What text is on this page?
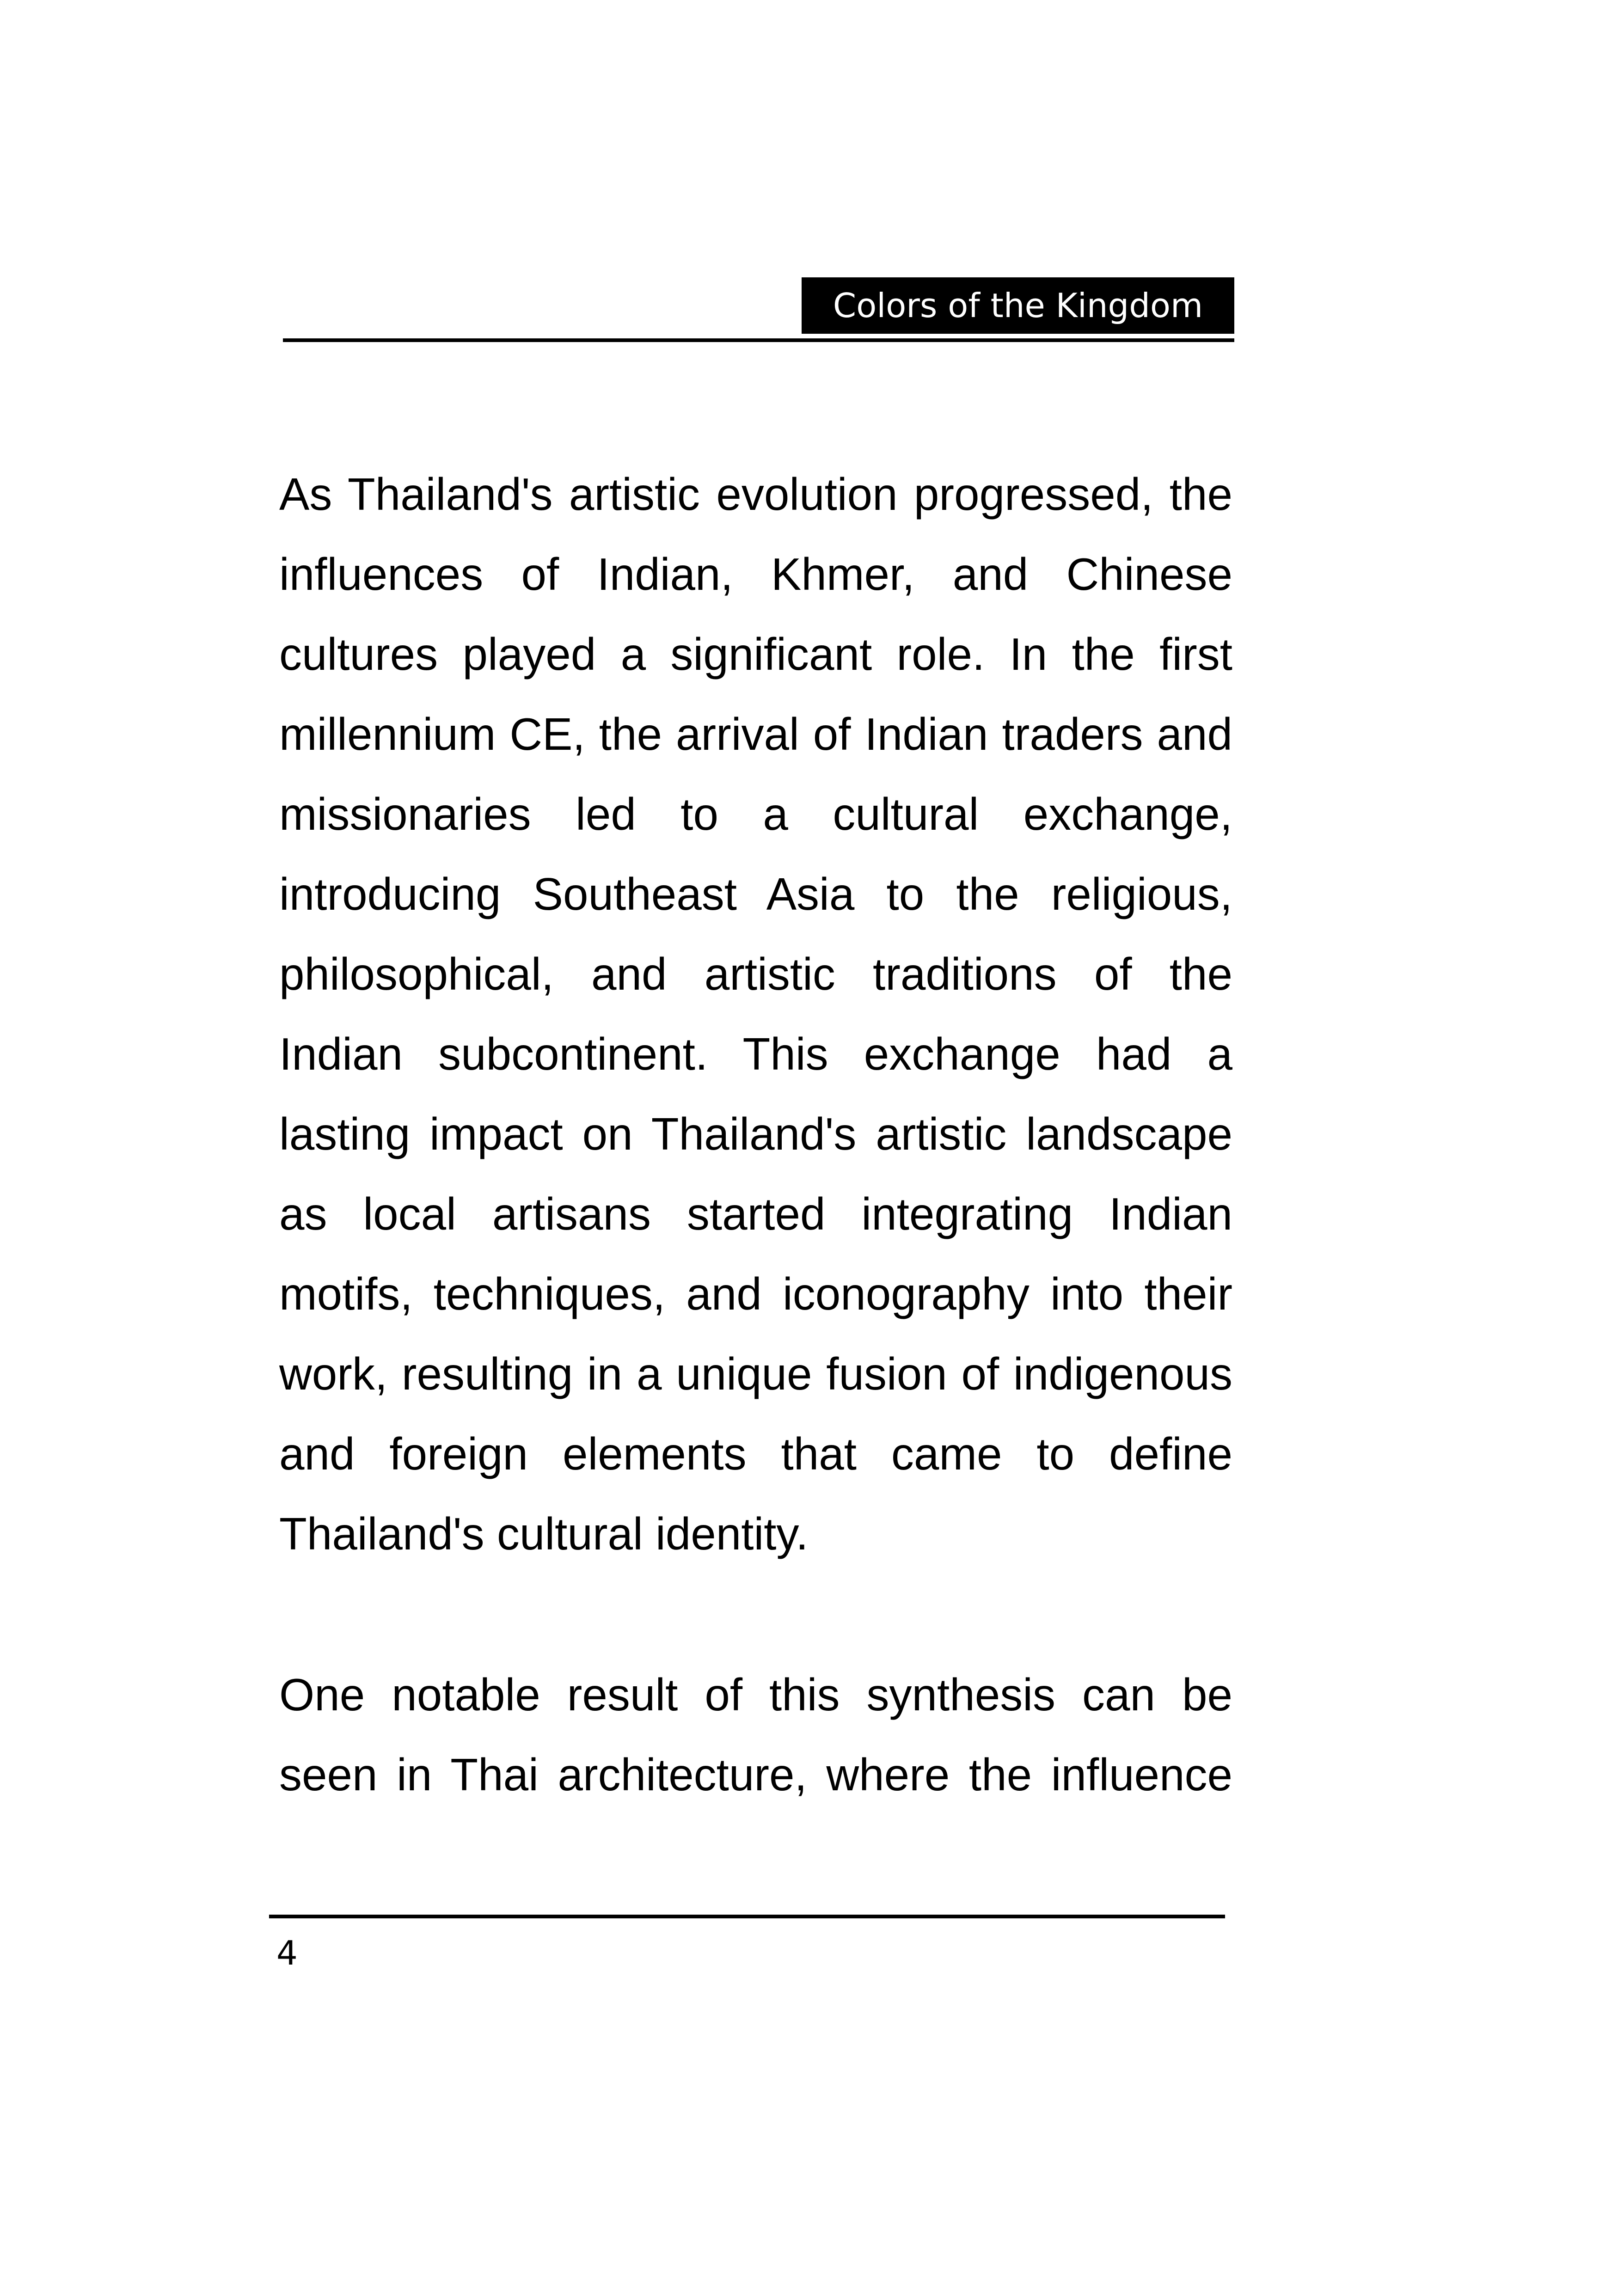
Colors of the Kingdom

As Thailand's artistic evolution progressed, the influences of Indian, Khmer, and Chinese cultures played a significant role. In the first millennium CE, the arrival of Indian traders and missionaries led to a cultural exchange, introducing Southeast Asia to the religious, philosophical, and artistic traditions of the Indian subcontinent. This exchange had a lasting impact on Thailand's artistic landscape as local artisans started integrating Indian motifs, techniques, and iconography into their work, resulting in a unique fusion of indigenous and foreign elements that came to define Thailand's cultural identity.

One notable result of this synthesis can be seen in Thai architecture, where the influence

4
